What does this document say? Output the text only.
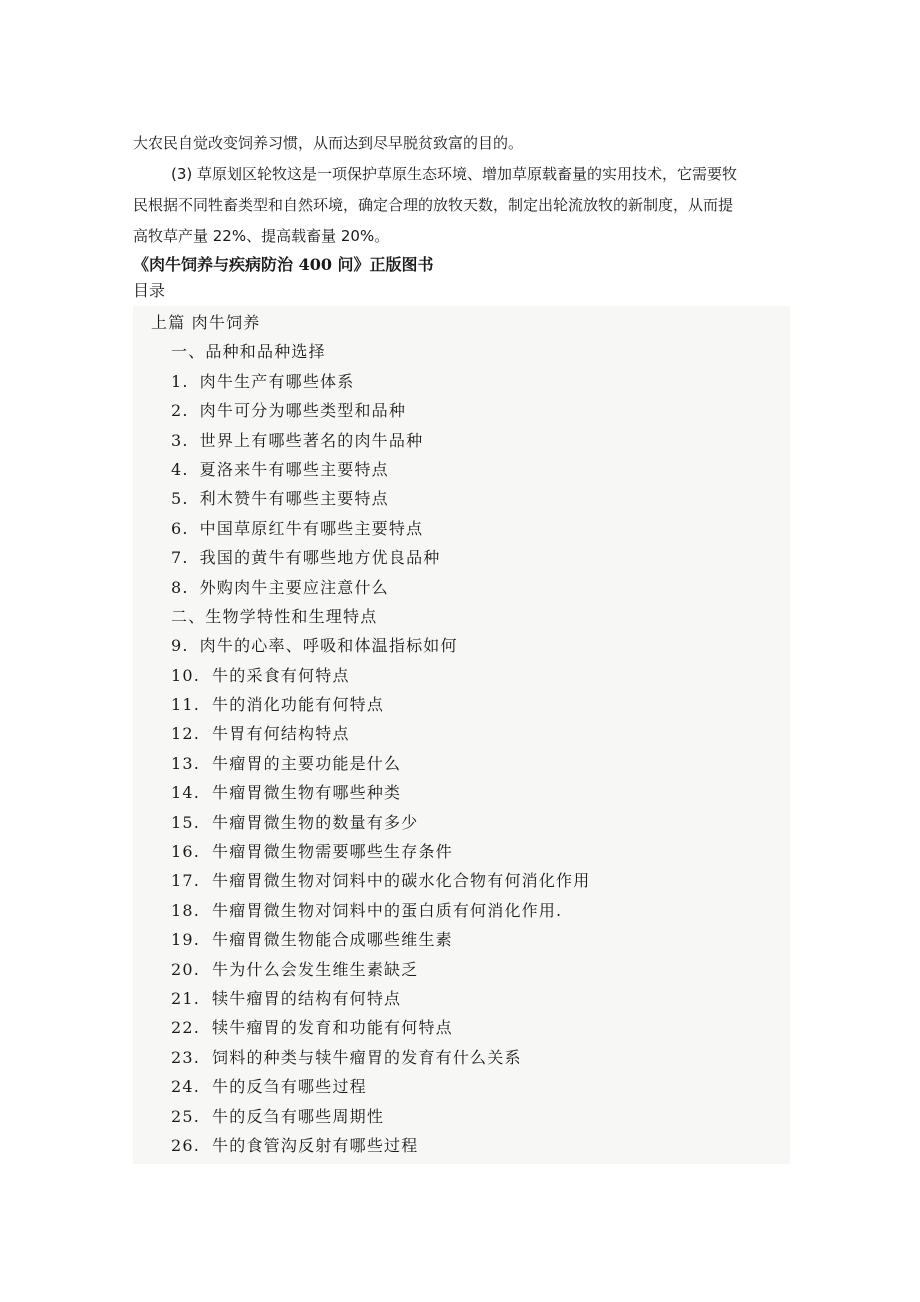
大农民自觉改变饲养习惯，从而达到尽早脱贫致富的目的。

(3) 草原划区轮牧这是一项保护草原生态环境、增加草原载畜量的实用技术，它需要牧
民根据不同牲畜类型和自然环境，确定合理的放牧天数，制定出轮流放牧的新制度，从而提
高牧草产量 22%、提高载畜量 20%。

《肉牛饲养与疾病防治 400 问》正版图书

目录

上篇 肉牛饲养
一、品种和品种选择
1. 肉牛生产有哪些体系
2. 肉牛可分为哪些类型和品种
3. 世界上有哪些著名的肉牛品种
4. 夏洛来牛有哪些主要特点
5. 利木赞牛有哪些主要特点
6. 中国草原红牛有哪些主要特点
7. 我国的黄牛有哪些地方优良品种
8. 外购肉牛主要应注意什么
二、生物学特性和生理特点
9. 肉牛的心率、呼吸和体温指标如何
10. 牛的采食有何特点
11. 牛的消化功能有何特点
12. 牛胃有何结构特点
13. 牛瘤胃的主要功能是什么
14. 牛瘤胃微生物有哪些种类
15. 牛瘤胃微生物的数量有多少
16. 牛瘤胃微生物需要哪些生存条件
17. 牛瘤胃微生物对饲料中的碳水化合物有何消化作用
18. 牛瘤胃微生物对饲料中的蛋白质有何消化作用.
19. 牛瘤胃微生物能合成哪些维生素
20. 牛为什么会发生维生素缺乏
21. 犊牛瘤胃的结构有何特点
22. 犊牛瘤胃的发育和功能有何特点
23. 饲料的种类与犊牛瘤胃的发育有什么关系
24. 牛的反刍有哪些过程
25. 牛的反刍有哪些周期性
26. 牛的食管沟反射有哪些过程
